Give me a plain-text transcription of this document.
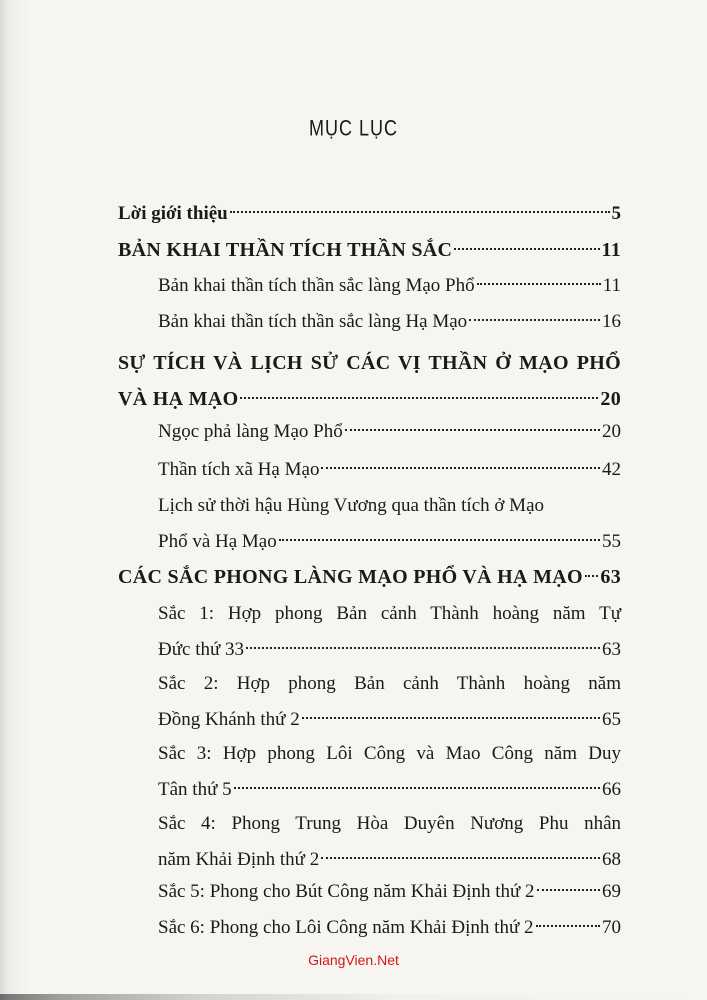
MỤC LỤC
Lời giới thiệu	5
BẢN KHAI THẦN TÍCH THẦN SẮC	11
Bản khai thần tích thần sắc làng Mạo Phổ	11
Bản khai thần tích thần sắc làng Hạ Mạo	16
SỰ TÍCH VÀ LỊCH SỬ CÁC VỊ THẦN Ở MẠO PHỔ
VÀ HẠ MẠO	20
Ngọc phả làng Mạo Phổ	20
Thần tích xã Hạ Mạo	42
Lịch sử thời hậu Hùng Vương qua thần tích ở Mạo
Phổ và Hạ Mạo	55
CÁC SẮC PHONG LÀNG MẠO PHỔ VÀ HẠ MẠO 63
Sắc 1: Hợp phong Bản cảnh Thành hoàng năm Tự
Đức thứ 33	63
Sắc 2: Hợp phong Bản cảnh Thành hoàng năm
Đồng Khánh thứ 2	65
Sắc 3: Hợp phong Lôi Công và Mao Công năm Duy
Tân thứ 5	66
Sắc 4: Phong Trung Hòa Duyên Nương Phu nhân
năm Khải Định thứ 2	68
Sắc 5: Phong cho Bút Công năm Khải Định thứ 2	69
Sắc 6: Phong cho Lôi Công năm Khải Định thứ 2	70
GiangVien.Net
